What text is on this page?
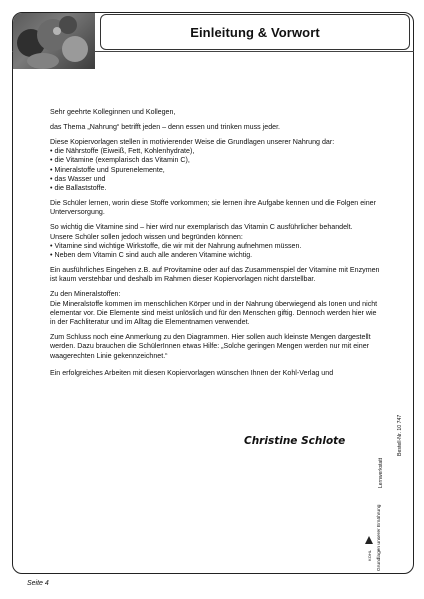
Einleitung & Vorwort

Sehr geehrte Kolleginnen und Kollegen,

das Thema „Nahrung“ betrifft jeden – denn essen und trinken muss jeder.

Diese Kopiervorlagen stellen in motivierender Weise die Grundlagen unserer Nahrung dar:

• die Nährstoffe (Eiweiß, Fett, Kohlenhydrate),
• die Vitamine (exemplarisch das Vitamin C),
• Mineralstoffe und Spurenelemente,
• das Wasser und
• die Ballaststoffe.

Die Schüler lernen, worin diese Stoffe vorkommen; sie lernen ihre Aufgabe kennen und die Folgen einer Unterversorgung.

So wichtig die Vitamine sind – hier wird nur exemplarisch das Vitamin C ausführlicher behandelt.

Unsere Schüler sollen jedoch wissen und begründen können:

• Vitamine sind wichtige Wirkstoffe, die wir mit der Nahrung aufnehmen müssen.
• Neben dem Vitamin C sind auch alle anderen Vitamine wichtig.

Ein ausführliches Eingehen z.B. auf Provitamine oder auf das Zusammenspiel der Vitamine mit Enzymen ist kaum verstehbar und deshalb im Rahmen dieser Kopiervorlagen nicht darstellbar.

Zu den Mineralstoffen:

Die Mineralstoffe kommen im menschlichen Körper und in der Nahrung überwiegend als Ionen und nicht elementar vor. Die Elemente sind meist unlöslich und für den Menschen giftig. Dennoch werden hier wie in der Fachliteratur und im Alltag die Elementnamen verwendet.

Zum Schluss noch eine Anmerkung zu den Diagrammen. Hier sollen auch kleinste Mengen dargestellt werden. Dazu brauchen die SchülerInnen etwas Hilfe: „Solche geringen Mengen werden nur mit einer waagerechten Linie gekennzeichnet.“

Ein erfolgreiches Arbeiten mit diesen Kopiervorlagen wünschen Ihnen der Kohl-Verlag und

Christine Schlote
Lernwerkstatt
Grundlagen unserer Ernährung
Bestell-Nr. 10 747
KOHL
Seite 4
